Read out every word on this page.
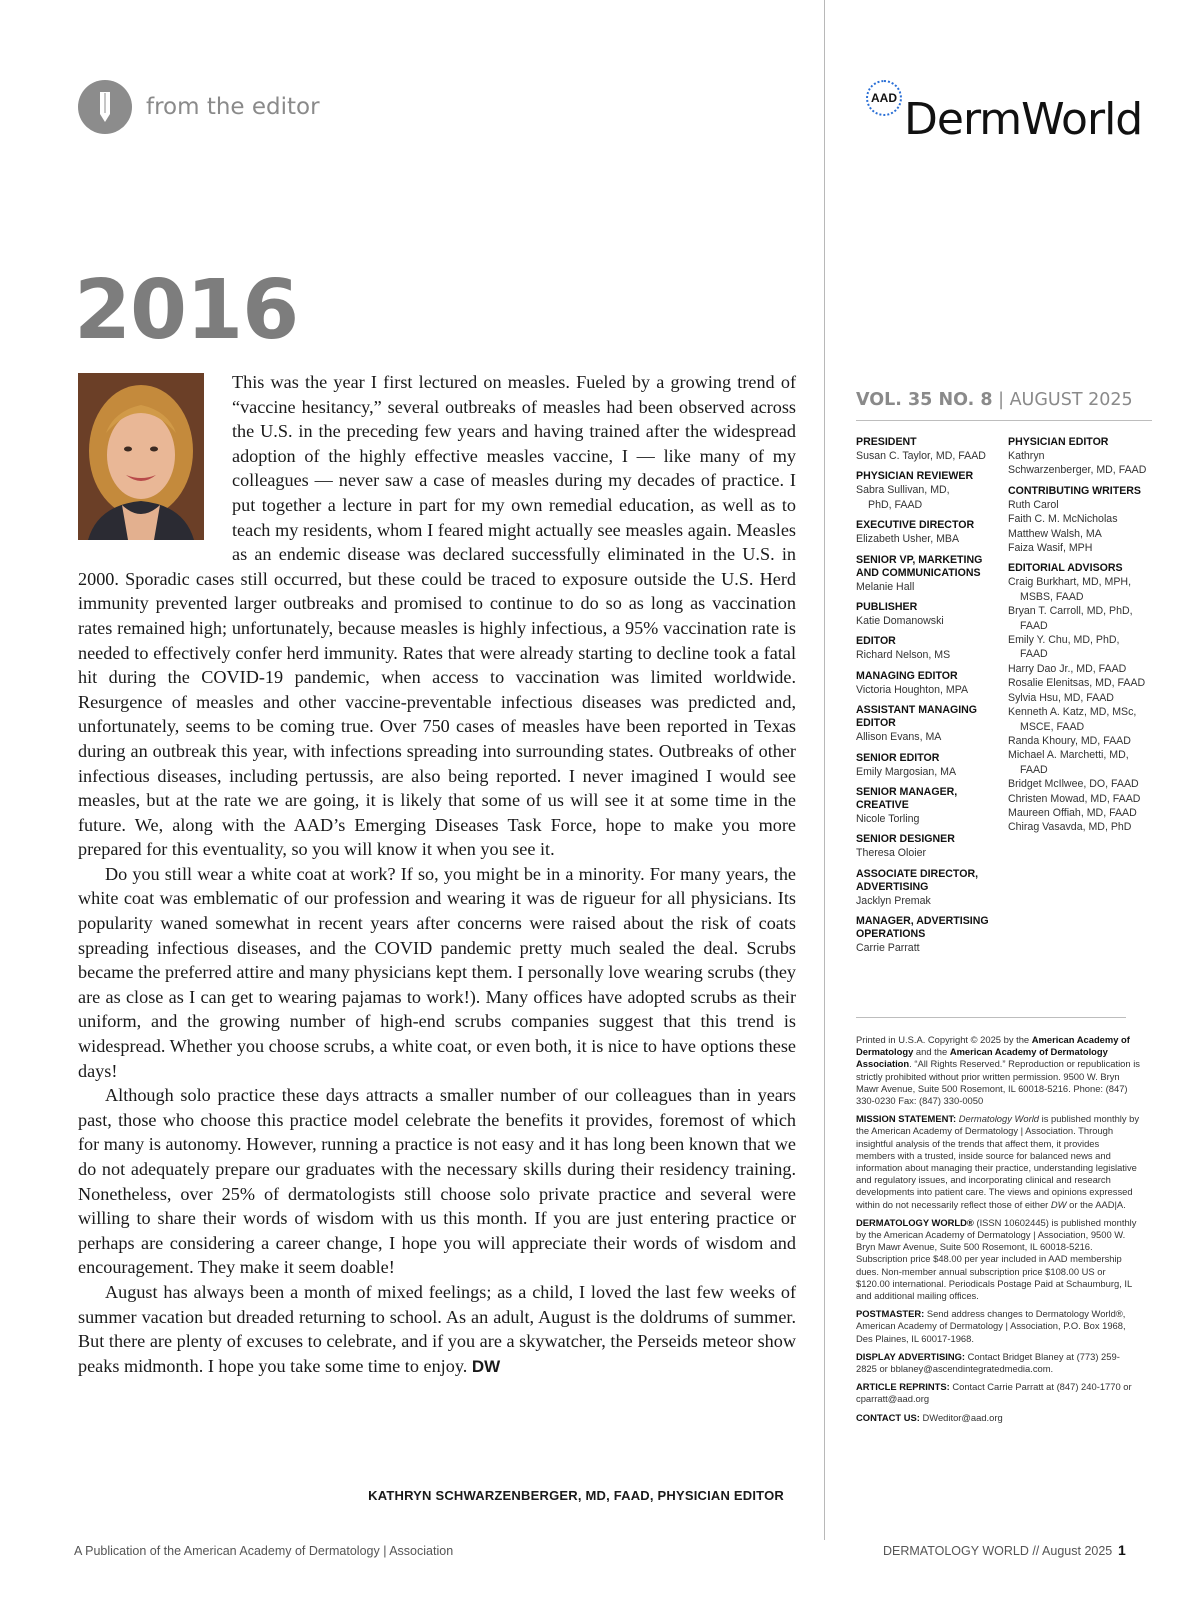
from the editor	AAD DermWorld
2016

This was the year I first lectured on measles. Fueled by a growing trend of “vaccine hesitancy,” several outbreaks of measles had been observed across the U.S. in the preceding few years and having trained after the widespread adoption of the highly effective measles vaccine, I — like many of my colleagues — never saw a case of measles during my decades of practice. I put together a lecture in part for my own remedial education, as well as to teach my residents, whom I feared might actually see measles again. Measles as an endemic disease was declared successfully eliminated in the U.S. in 2000. Sporadic cases still occurred, but these could be traced to exposure outside the U.S. Herd immunity prevented larger outbreaks and promised to continue to do so as long as vaccination rates remained high; unfortunately, because measles is highly infectious, a 95% vaccination rate is needed to effectively confer herd immunity. Rates that were already starting to decline took a fatal hit during the COVID-19 pandemic, when access to vaccination was limited worldwide. Resurgence of measles and other vaccine-preventable infectious diseases was predicted and, unfortunately, seems to be coming true. Over 750 cases of measles have been reported in Texas during an outbreak this year, with infections spreading into surrounding states. Outbreaks of other infectious diseases, including pertussis, are also being reported. I never imagined I would see measles, but at the rate we are going, it is likely that some of us will see it at some time in the future. We, along with the AAD’s Emerging Diseases Task Force, hope to make you more prepared for this eventuality, so you will know it when you see it.

Do you still wear a white coat at work? If so, you might be in a minority. For many years, the white coat was emblematic of our profession and wearing it was de rigueur for all physicians. Its popularity waned somewhat in recent years after concerns were raised about the risk of coats spreading infectious diseases, and the COVID pandemic pretty much sealed the deal. Scrubs became the preferred attire and many physicians kept them. I personally love wearing scrubs (they are as close as I can get to wearing pajamas to work!). Many offices have adopted scrubs as their uniform, and the growing number of high-end scrubs companies suggest that this trend is widespread. Whether you choose scrubs, a white coat, or even both, it is nice to have options these days!

Although solo practice these days attracts a smaller number of our colleagues than in years past, those who choose this practice model celebrate the benefits it provides, foremost of which for many is autonomy. However, running a practice is not easy and it has long been known that we do not adequately prepare our graduates with the necessary skills during their residency training. Nonetheless, over 25% of dermatologists still choose solo private practice and several were willing to share their words of wisdom with us this month. If you are just entering practice or perhaps are considering a career change, I hope you will appreciate their words of wisdom and encouragement. They make it seem doable!

August has always been a month of mixed feelings; as a child, I loved the last few weeks of summer vacation but dreaded returning to school. As an adult, August is the doldrums of summer. But there are plenty of excuses to celebrate, and if you are a skywatcher, the Perseids meteor show peaks midmonth. I hope you take some time to enjoy. DW

KATHRYN SCHWARZENBERGER, MD, FAAD, PHYSICIAN EDITOR
VOL. 35 NO. 8 | AUGUST 2025
PRESIDENT
Susan C. Taylor, MD, FAAD
PHYSICIAN REVIEWER
Sabra Sullivan, MD,
PhD, FAAD
EXECUTIVE DIRECTOR
Elizabeth Usher, MBA
SENIOR VP, MARKETING AND COMMUNICATIONS
Melanie Hall
PUBLISHER
Katie Domanowski
EDITOR
Richard Nelson, MS
MANAGING EDITOR
Victoria Houghton, MPA
ASSISTANT MANAGING EDITOR
Allison Evans, MA
SENIOR EDITOR
Emily Margosian, MA
SENIOR MANAGER, CREATIVE
Nicole Torling
SENIOR DESIGNER
Theresa Oloier
ASSOCIATE DIRECTOR, ADVERTISING
Jacklyn Premak
MANAGER, ADVERTISING OPERATIONS
Carrie Parratt
PHYSICIAN EDITOR
Kathryn
Schwarzenberger, MD, FAAD
CONTRIBUTING WRITERS
Ruth Carol
Faith C. M. McNicholas
Matthew Walsh, MA
Faiza Wasif, MPH
EDITORIAL ADVISORS
Craig Burkhart, MD, MPH,
MSBS, FAAD
Bryan T. Carroll, MD, PhD,
FAAD
Emily Y. Chu, MD, PhD,
FAAD
Harry Dao Jr., MD, FAAD
Rosalie Elenitsas, MD, FAAD
Sylvia Hsu, MD, FAAD
Kenneth A. Katz, MD, MSc,
MSCE, FAAD
Randa Khoury, MD, FAAD
Michael A. Marchetti, MD,
FAAD
Bridget McIlwee, DO, FAAD
Christen Mowad, MD, FAAD
Maureen Offiah, MD, FAAD
Chirag Vasavda, MD, PhD

Printed in U.S.A. Copyright © 2025 by the American Academy of Dermatology and the American Academy of Dermatology Association. “All Rights Reserved.” Reproduction or republication is strictly prohibited without prior written permission. 9500 W. Bryn Mawr Avenue, Suite 500 Rosemont, IL 60018-5216. Phone: (847) 330-0230 Fax: (847) 330-0050

MISSION STATEMENT: Dermatology World is published monthly by the American Academy of Dermatology | Association. Through insightful analysis of the trends that affect them, it provides members with a trusted, inside source for balanced news and information about managing their practice, understanding legislative and regulatory issues, and incorporating clinical and research developments into patient care. The views and opinions expressed within do not necessarily reflect those of either DW or the AAD|A.

DERMATOLOGY WORLD® (ISSN 10602445) is published monthly by the American Academy of Dermatology | Association, 9500 W. Bryn Mawr Avenue, Suite 500 Rosemont, IL 60018-5216. Subscription price $48.00 per year included in AAD membership dues. Non-member annual subscription price $108.00 US or $120.00 international. Periodicals Postage Paid at Schaumburg, IL and additional mailing offices.

POSTMASTER: Send address changes to Dermatology World®, American Academy of Dermatology | Association, P.O. Box 1968, Des Plaines, IL 60017-1968.

DISPLAY ADVERTISING: Contact Bridget Blaney at (773) 259-2825 or bblaney@ascendintegratedmedia.com.

ARTICLE REPRINTS: Contact Carrie Parratt at (847) 240-1770 or cparratt@aad.org

CONTACT US: DWeditor@aad.org

A Publication of the American Academy of Dermatology | Association	DERMATOLOGY WORLD // August 2025 1
